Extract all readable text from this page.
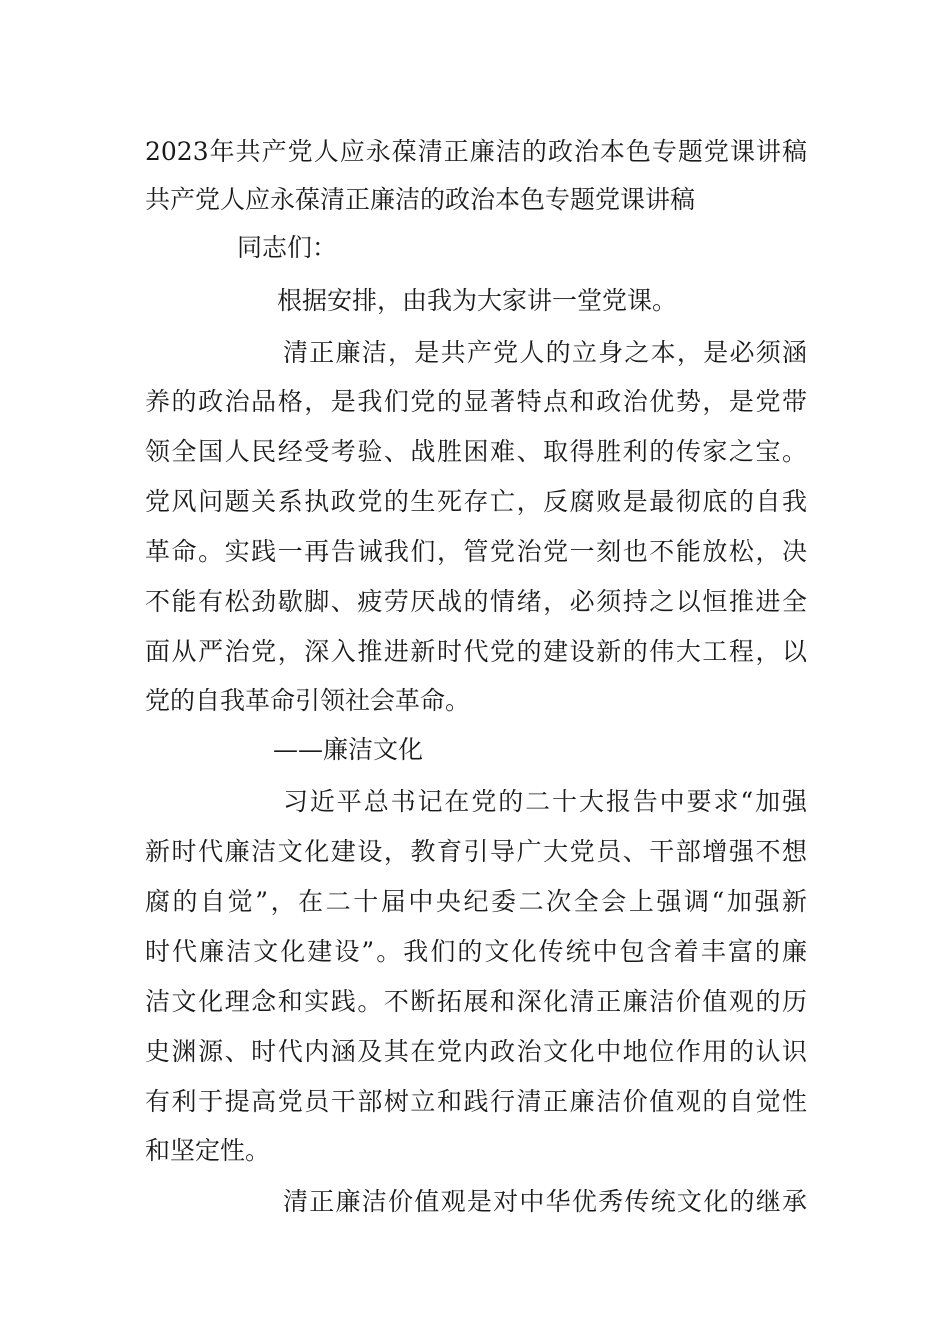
2023年共产党人应永葆清正廉洁的政治本色专题党课讲稿
共产党人应永葆清正廉洁的政治本色专题党课讲稿
同志们：
根据安排，由我为大家讲一堂党课。
清正廉洁，是共产党人的立身之本，是必须涵
养的政治品格，是我们党的显著特点和政治优势，是党带
领全国人民经受考验、战胜困难、取得胜利的传家之宝。
党风问题关系执政党的生死存亡，反腐败是最彻底的自我
革命。实践一再告诫我们，管党治党一刻也不能放松，决
不能有松劲歇脚、疲劳厌战的情绪，必须持之以恒推进全
面从严治党，深入推进新时代党的建设新的伟大工程，以
党的自我革命引领社会革命。
——廉洁文化
习近平总书记在党的二十大报告中要求“加强
新时代廉洁文化建设，教育引导广大党员、干部增强不想
腐的自觉”，在二十届中央纪委二次全会上强调“加强新
时代廉洁文化建设”。我们的文化传统中包含着丰富的廉
洁文化理念和实践。不断拓展和深化清正廉洁价值观的历
史渊源、时代内涵及其在党内政治文化中地位作用的认识
有利于提高党员干部树立和践行清正廉洁价值观的自觉性
和坚定性。
清正廉洁价值观是对中华优秀传统文化的继承
